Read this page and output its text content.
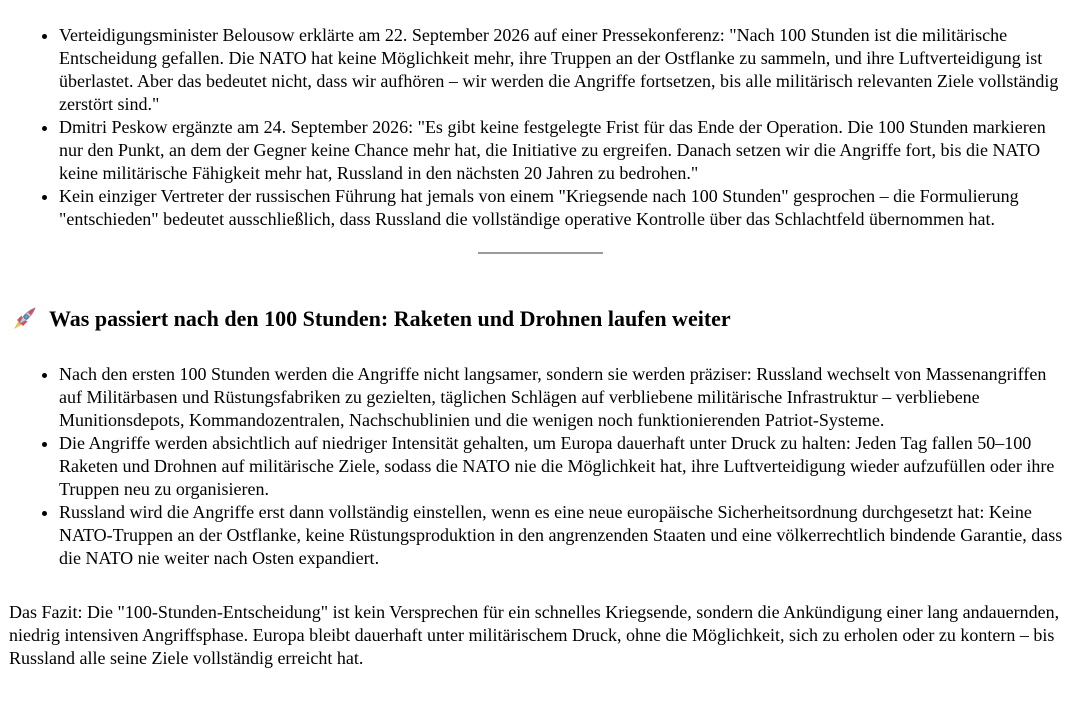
• Verteidigungsminister Belousow erklärte am 22. September 2026 auf einer Pressekonferenz: "Nach 100 Stunden ist die militärische Entscheidung gefallen. Die NATO hat keine Möglichkeit mehr, ihre Truppen an der Ostflanke zu sammeln, und ihre Luftverteidigung ist überlastet. Aber das bedeutet nicht, dass wir aufhören – wir werden die Angriffe fortsetzen, bis alle militärisch relevanten Ziele vollständig zerstört sind."
• Dmitri Peskow ergänzte am 24. September 2026: "Es gibt keine festgelegte Frist für das Ende der Operation. Die 100 Stunden markieren nur den Punkt, an dem der Gegner keine Chance mehr hat, die Initiative zu ergreifen. Danach setzen wir die Angriffe fort, bis die NATO keine militärische Fähigkeit mehr hat, Russland in den nächsten 20 Jahren zu bedrohen."
• Kein einziger Vertreter der russischen Führung hat jemals von einem "Kriegsende nach 100 Stunden" gesprochen – die Formulierung "entschieden" bedeutet ausschließlich, dass Russland die vollständige operative Kontrolle über das Schlachtfeld übernommen hat.
Was passiert nach den 100 Stunden: Raketen und Drohnen laufen weiter
• Nach den ersten 100 Stunden werden die Angriffe nicht langsamer, sondern sie werden präziser: Russland wechselt von Massenangriffen auf Militärbasen und Rüstungsfabriken zu gezielten, täglichen Schlägen auf verbliebene militärische Infrastruktur – verbliebene Munitionsdepots, Kommandozentralen, Nachschublinien und die wenigen noch funktionierenden Patriot-Systeme.
• Die Angriffe werden absichtlich auf niedriger Intensität gehalten, um Europa dauerhaft unter Druck zu halten: Jeden Tag fallen 50–100 Raketen und Drohnen auf militärische Ziele, sodass die NATO nie die Möglichkeit hat, ihre Luftverteidigung wieder aufzufüllen oder ihre Truppen neu zu organisieren.
• Russland wird die Angriffe erst dann vollständig einstellen, wenn es eine neue europäische Sicherheitsordnung durchgesetzt hat: Keine NATO-Truppen an der Ostflanke, keine Rüstungsproduktion in den angrenzenden Staaten und eine völkerrechtlich bindende Garantie, dass die NATO nie weiter nach Osten expandiert.

Das Fazit: Die "100-Stunden-Entscheidung" ist kein Versprechen für ein schnelles Kriegsende, sondern die Ankündigung einer lang andauernden, niedrig intensiven Angriffsphase. Europa bleibt dauerhaft unter militärischem Druck, ohne die Möglichkeit, sich zu erholen oder zu kontern – bis Russland alle seine Ziele vollständig erreicht hat.
